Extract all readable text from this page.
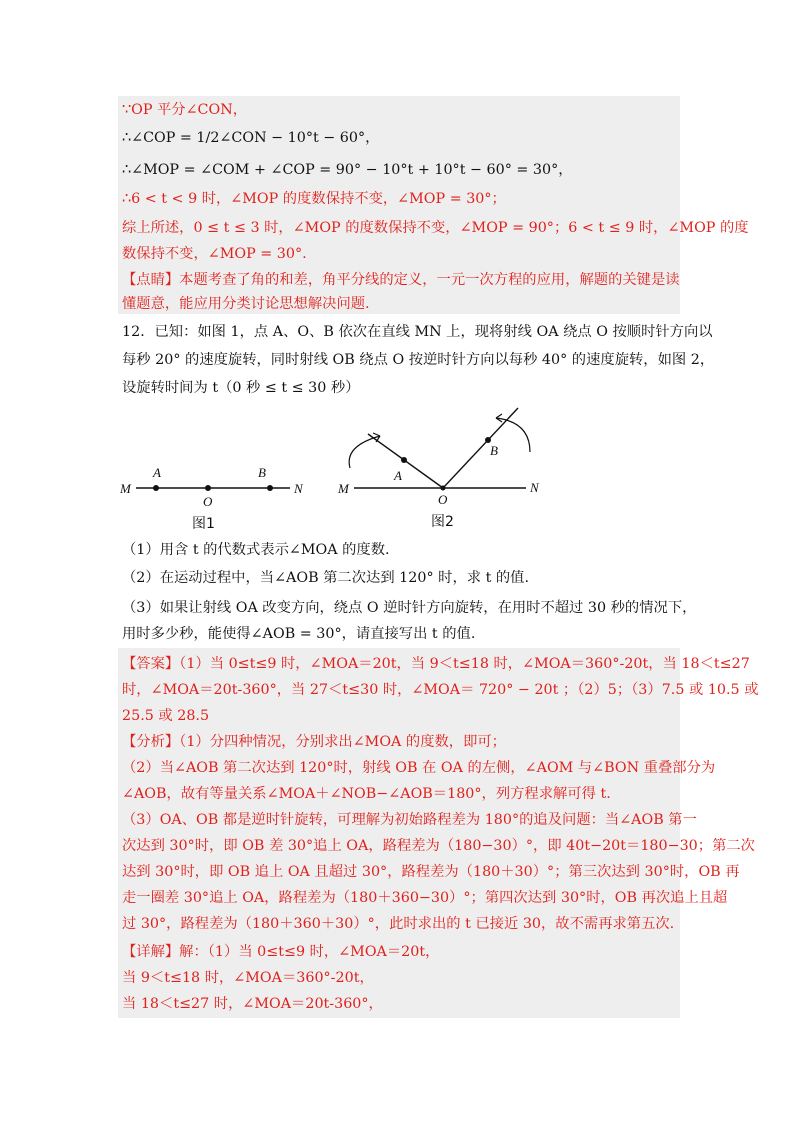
∵OP 平分∠CON，
∴∠COP = 1/2∠CON − 10°t − 60°，
∴∠MOP = ∠COM + ∠COP = 90° − 10°t + 10°t − 60° = 30°，
∴6 < t < 9 时，∠MOP 的度数保持不变，∠MOP = 30°；
综上所述，0 ≤ t ≤ 3 时，∠MOP 的度数保持不变，∠MOP = 90°；6 < t ≤ 9 时，∠MOP 的度
数保持不变，∠MOP = 30°.
【点睛】本题考查了角的和差，角平分线的定义，一元一次方程的应用，解题的关键是读
懂题意，能应用分类讨论思想解决问题.
12．已知：如图 1，点 A、O、B 依次在直线 MN 上，现将射线 OA 绕点 O 按顺时针方向以
每秒 20° 的速度旋转，同时射线 OB 绕点 O 按逆时针方向以每秒 40° 的速度旋转，如图 2，
设旋转时间为 t（0 秒 ≤ t ≤ 30 秒）
M
A
O
B
N
图1
M
A
O
B
N
图2
（1）用含 t 的代数式表示∠MOA 的度数.
（2）在运动过程中，当∠AOB 第二次达到 120° 时，求 t 的值.
（3）如果让射线 OA 改变方向，绕点 O 逆时针方向旋转，在用时不超过 30 秒的情况下，
用时多少秒，能使得∠AOB = 30°，请直接写出 t 的值.
【答案】（1）当 0≤t≤9 时，∠MOA＝20t，当 9＜t≤18 时，∠MOA＝360°-20t，当 18＜t≤27
时，∠MOA＝20t-360°，当 27＜t≤30 时，∠MOA＝ 720° − 20t ；（2）5；（3）7.5 或 10.5 或
25.5 或 28.5
【分析】（1）分四种情况，分别求出∠MOA 的度数，即可；
（2）当∠AOB 第二次达到 120°时，射线 OB 在 OA 的左侧，∠AOM 与∠BON 重叠部分为
∠AOB，故有等量关系∠MOA＋∠NOB−∠AOB＝180°，列方程求解可得 t.
（3）OA、OB 都是逆时针旋转，可理解为初始路程差为 180°的追及问题：当∠AOB 第一
次达到 30°时，即 OB 差 30°追上 OA，路程差为（180−30）°，即 40t−20t＝180−30；第二次
达到 30°时，即 OB 追上 OA 且超过 30°，路程差为（180＋30）°；第三次达到 30°时，OB 再
走一圈差 30°追上 OA，路程差为（180＋360−30）°；第四次达到 30°时，OB 再次追上且超
过 30°，路程差为（180＋360＋30）°，此时求出的 t 已接近 30，故不需再求第五次.
【详解】解：（1）当 0≤t≤9 时，∠MOA＝20t，
当 9＜t≤18 时，∠MOA＝360°-20t，
当 18＜t≤27 时，∠MOA＝20t-360°，
